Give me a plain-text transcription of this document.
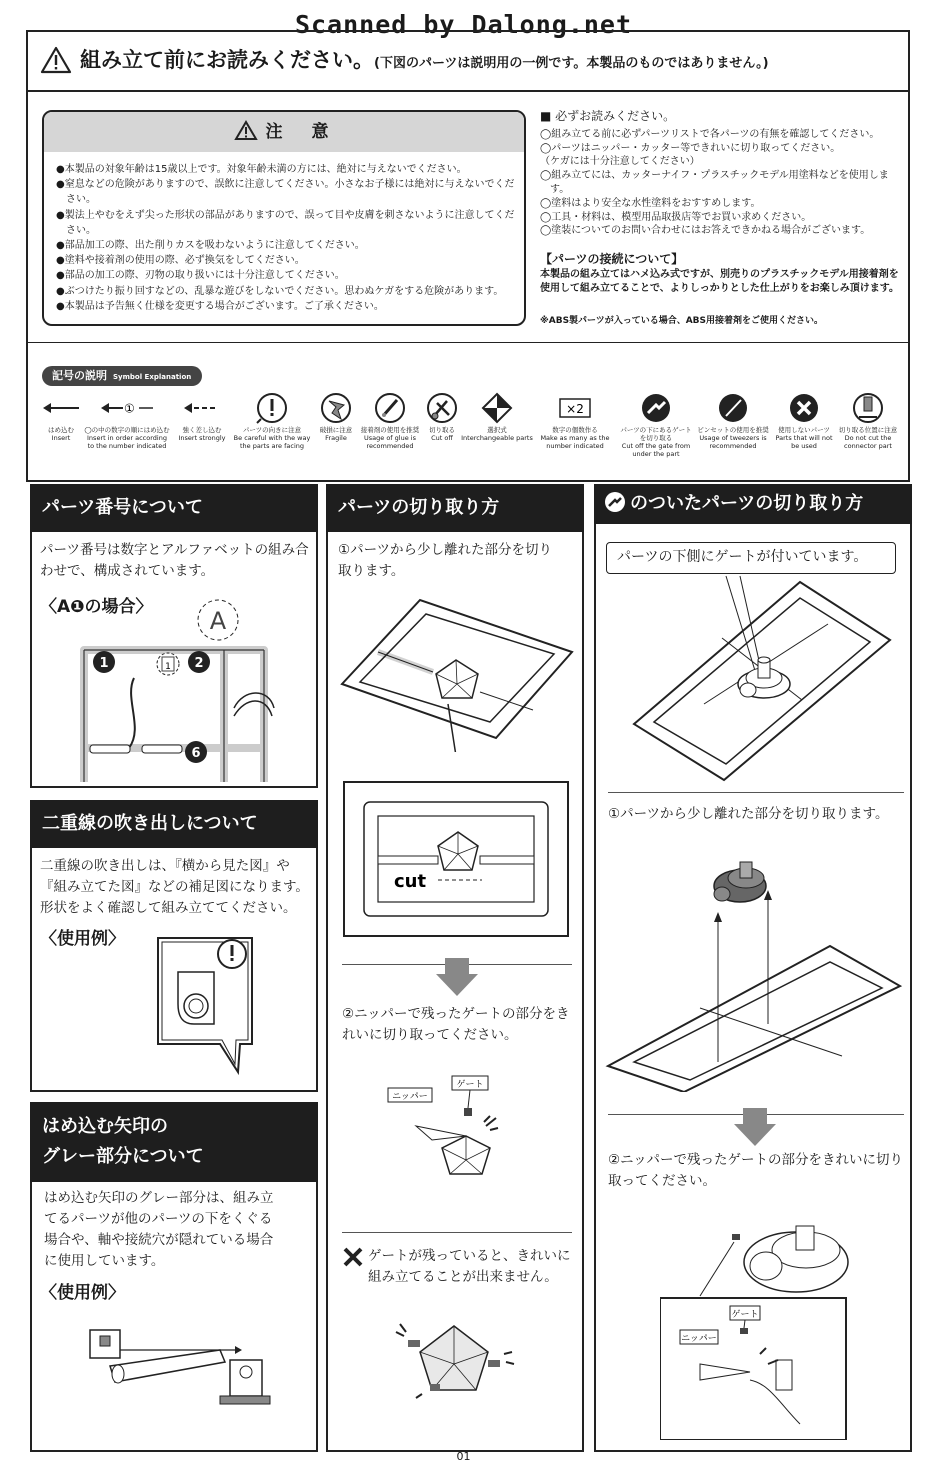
Scanned by Dalong.net
組み立て前にお読みください。(下図のパーツは説明用の一例です。本製品のものではありません。)
注　意
●本製品の対象年齢は15歳以上です。対象年齢未満の方には、絶対に与えないでください。
●窒息などの危険がありますので、誤飲に注意してください。小さなお子様には絶対に与えないでください。
●製法上やむをえず尖った形状の部品がありますので、誤って目や皮膚を刺さないように注意してください。
●部品加工の際、出た削りカスを吸わないように注意してください。
●塗料や接着剤の使用の際、必ず換気をしてください。
●部品の加工の際、刃物の取り扱いには十分注意してください。
●ぶつけたり振り回すなどの、乱暴な遊びをしないでください。思わぬケガをする危険があります。
●本製品は予告無く仕様を変更する場合がございます。ご了承ください。
■ 必ずお読みください。

◯組み立てる前に必ずパーツリストで各パーツの有無を確認してください。

◯パーツはニッパー・カッター等できれいに切り取ってください。

（ケガには十分注意してください）

◯組み立てには、カッターナイフ・プラスチックモデル用塗料などを使用します。

◯塗料はより安全な水性塗料をおすすめします。

◯工具・材料は、模型用品取扱店等でお買い求めください。

◯塗装についてのお問い合わせにはお答えできかねる場合がございます。

【パーツの接続について】
本製品の組み立てはハメ込み式ですが、別売りのプラスチックモデル用接着剤を使用して組み立てることで、よりしっかりとした仕上がりをお楽しみ頂けます。
※ABS製パーツが入っている場合、ABS用接着剤をご使用ください。
記号の説明 Symbol Explanation
はめ込む
Insert
①
◯の中の数字の順にはめ込む
Insert in order according to the number indicated
強く差し込む
Insert strongly
パーツの向きに注意
Be careful with the way the parts are facing
破損に注意
Fragile
接着剤の使用を推奨
Usage of glue is recommended
切り取る
Cut off
選択式
Interchangeable parts
×2
数字の個数作る
Make as many as the number indicated
パーツの下にあるゲートを切り取る
Cut off the gate from under the part
ピンセットの使用を推奨
Usage of tweezers is recommended
使用しないパーツ
Parts that will not be used
切り取る位置に注意
Do not cut the connector part
パーツ番号について
パーツ番号は数字とアルファベットの組み合わせで、構成されています。
〈A❶の場合〉 A
1
1	2
6
二重線の吹き出しについて
二重線の吹き出しは、『横から見た図』や『組み立てた図』などの補足図になります。形状をよく確認して組み立ててください。
〈使用例〉
はめ込む矢印の
グレー部分について
はめ込む矢印のグレー部分は、組み立てるパーツが他のパーツの下をくぐる場合や、軸や接続穴が隠れている場合に使用しています。
〈使用例〉
パーツの切り取り方
①パーツから少し離れた部分を切り取ります。
cut
②ニッパーで残ったゲートの部分をきれいに切り取ってください。
ニッパー
ゲート
ゲートが残っていると、きれいに組み立てることが出来ません。
のついたパーツの切り取り方
パーツの下側にゲートが付いています。
①パーツから少し離れた部分を切り取ります。
②ニッパーで残ったゲートの部分をきれいに切り取ってください。
ゲート
ニッパー
01
